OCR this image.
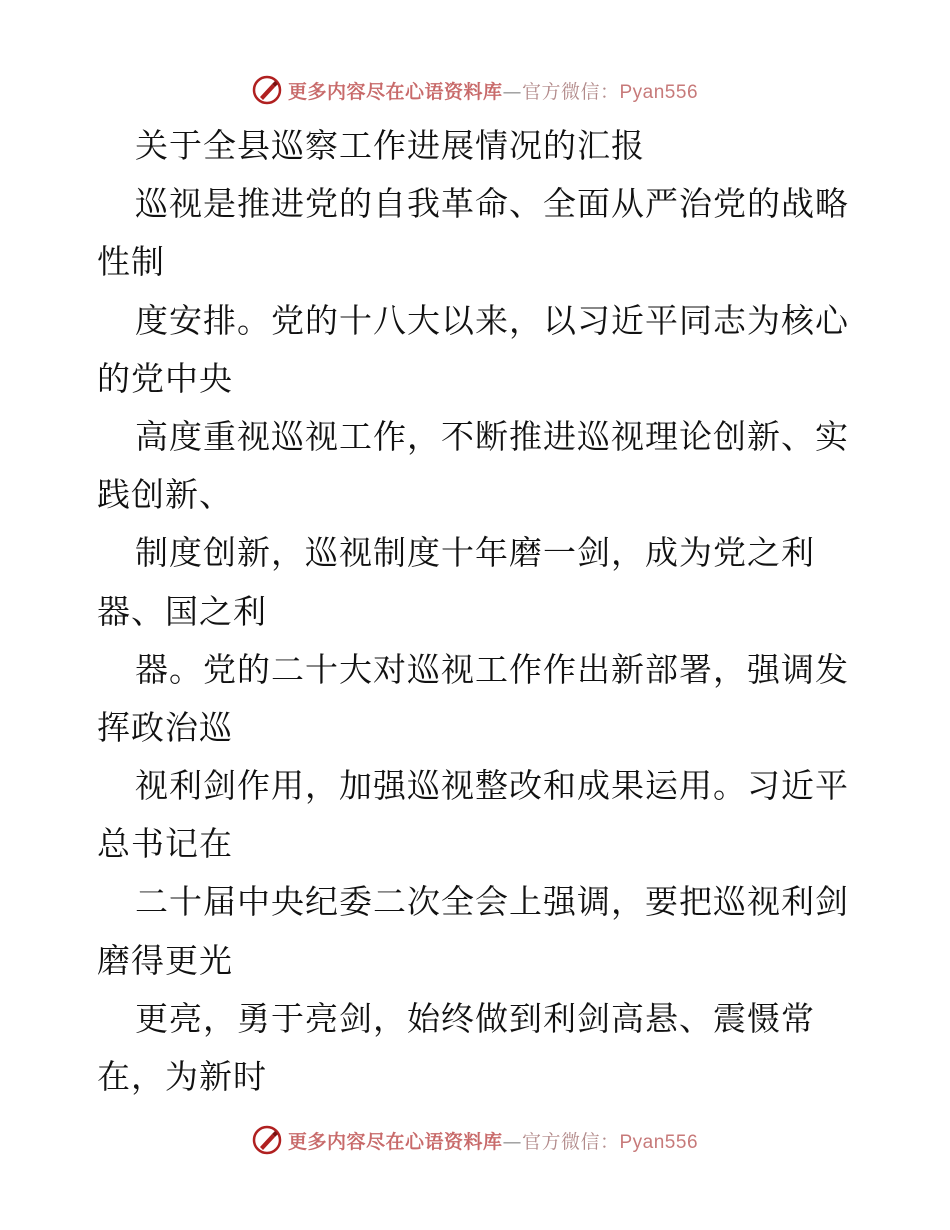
更多内容尽在心语资料库—官方微信：Pyan556
关于全县巡察工作进展情况的汇报
巡视是推进党的自我革命、全面从严治党的战略
性制
度安排。党的十八大以来，以习近平同志为核心
的党中央
高度重视巡视工作，不断推进巡视理论创新、实
践创新、
制度创新，巡视制度十年磨一剑，成为党之利
器、国之利
器。党的二十大对巡视工作作出新部署，强调发
挥政治巡
视利剑作用，加强巡视整改和成果运用。习近平
总书记在
二十届中央纪委二次全会上强调，要把巡视利剑
磨得更光
更亮，勇于亮剑，始终做到利剑高悬、震慑常
在，为新时
更多内容尽在心语资料库—官方微信：Pyan556
